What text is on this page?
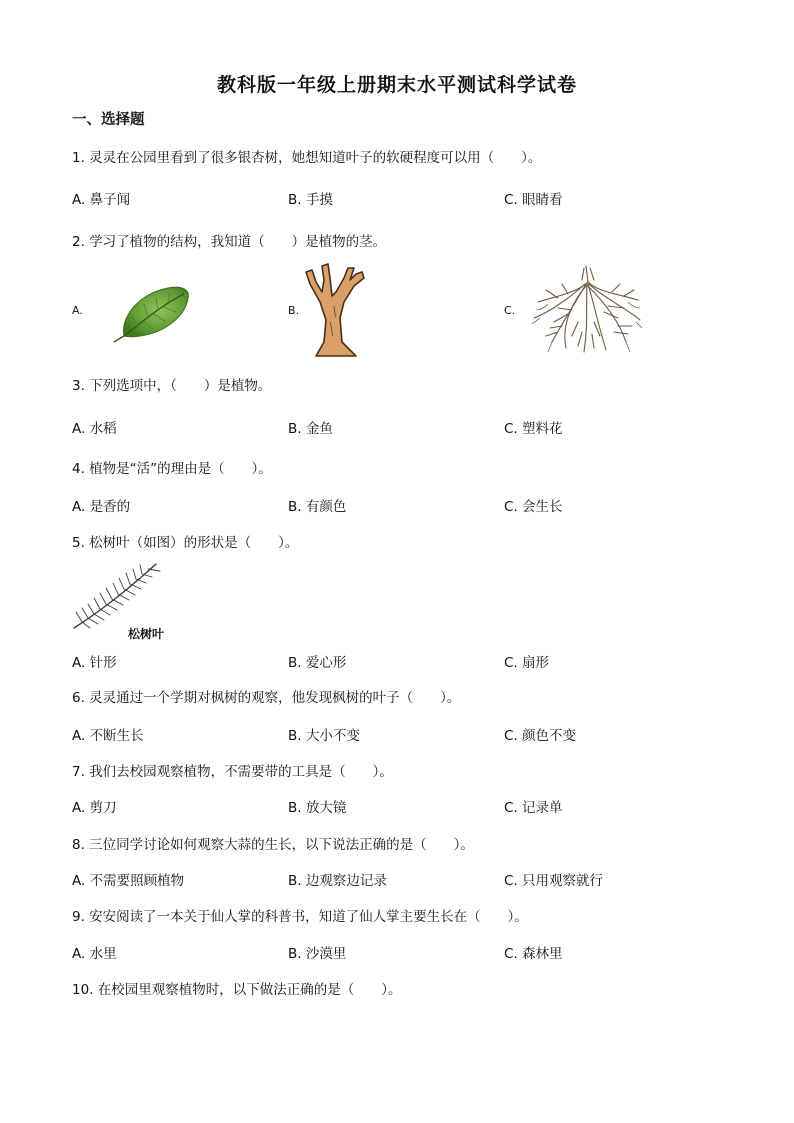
教科版一年级上册期末水平测试科学试卷
一、选择题
1. 灵灵在公园里看到了很多银杏树，她想知道叶子的软硬程度可以用（　　）。
A. 鼻子闻	B. 手摸	C. 眼睛看
2. 学习了植物的结构，我知道（　　）是植物的茎。
A.	B.	C.
3. 下列选项中，（　　）是植物。
A. 水稻	B. 金鱼	C. 塑料花
4. 植物是“活”的理由是（　　）。
A. 是香的	B. 有颜色	C. 会生长
5. 松树叶（如图）的形状是（　　）。
松树叶
A. 针形	B. 爱心形	C. 扇形
6. 灵灵通过一个学期对枫树的观察，他发现枫树的叶子（　　）。
A. 不断生长	B. 大小不变	C. 颜色不变
7. 我们去校园观察植物，不需要带的工具是（　　）。
A. 剪刀	B. 放大镜	C. 记录单
8. 三位同学讨论如何观察大蒜的生长，以下说法正确的是（　　）。
A. 不需要照顾植物	B. 边观察边记录	C. 只用观察就行
9. 安安阅读了一本关于仙人掌的科普书，知道了仙人掌主要生长在（　　）。
A. 水里	B. 沙漠里	C. 森林里
10. 在校园里观察植物时，以下做法正确的是（　　）。
